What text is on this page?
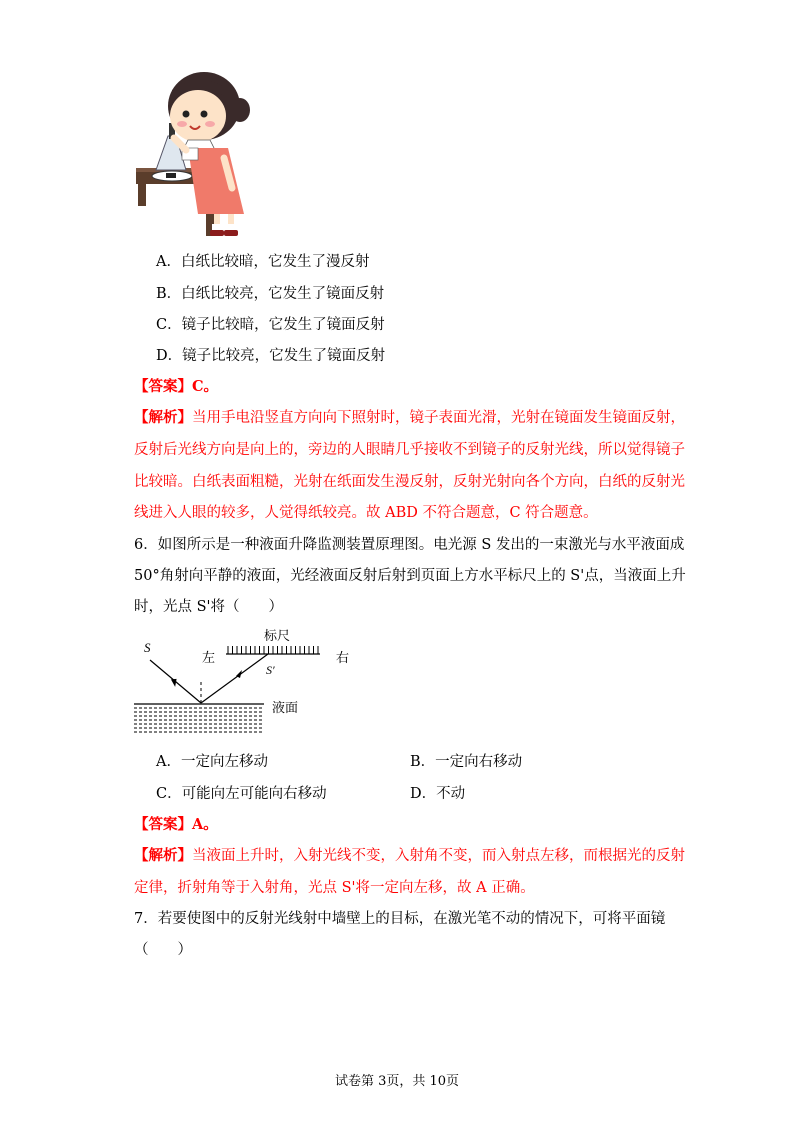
A．白纸比较暗，它发生了漫反射
B．白纸比较亮，它发生了镜面反射
C．镜子比较暗，它发生了镜面反射
D．镜子比较亮，它发生了镜面反射
【答案】C。
【解析】当用手电沿竖直方向向下照射时，镜子表面光滑，光射在镜面发生镜面反射，
反射后光线方向是向上的，旁边的人眼睛几乎接收不到镜子的反射光线，所以觉得镜子
比较暗。白纸表面粗糙，光射在纸面发生漫反射，反射光射向各个方向，白纸的反射光
线进入人眼的较多，人觉得纸较亮。故 ABD 不符合题意，C 符合题意。
6．如图所示是一种液面升降监测装置原理图。电光源 S 发出的一束激光与水平液面成
50°角射向平静的液面，光经液面反射后射到页面上方水平标尺上的 S'点，当液面上升
时，光点 S'将（　　）
S
左
标尺
右
S′
液面
A．一定向左移动	B．一定向右移动
C．可能向左可能向右移动	D．不动
【答案】A。
【解析】当液面上升时，入射光线不变，入射角不变，而入射点左移，而根据光的反射
定律，折射角等于入射角，光点 S'将一定向左移，故 A 正确。
7．若要使图中的反射光线射中墙壁上的目标，在激光笔不动的情况下，可将平面镜
（　　）
试卷第 3页，共 10页
